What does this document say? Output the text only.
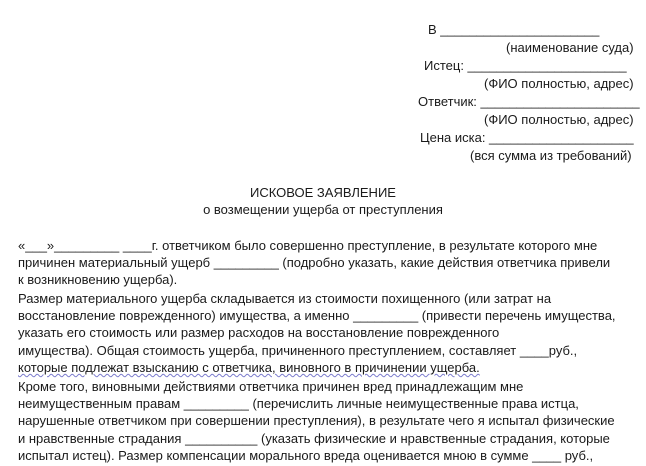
В ______________________
(наименование суда)
Истец: ______________________
(ФИО полностью, адрес)
Ответчик: ______________________
(ФИО полностью, адрес)
Цена иска: ____________________
(вся сумма из требований)
ИСКОВОЕ ЗАЯВЛЕНИЕ
о возмещении ущерба от преступления
«___»_________ ____г. ответчиком было совершенно преступление, в результате которого мне
причинен материальный ущерб _________ (подробно указать, какие действия ответчика привели
к возникновению ущерба).
Размер материального ущерба складывается из стоимости похищенного (или затрат на
восстановление поврежденного) имущества, а именно _________ (привести перечень имущества,
указать его стоимость или размер расходов на восстановление поврежденного
имущества). Общая стоимость ущерба, причиненного преступлением, составляет ____руб.,
которые подлежат взысканию с ответчика, виновного в причинении ущерба.
Кроме того, виновными действиями ответчика причинен вред принадлежащим мне
неимущественным правам _________ (перечислить личные неимущественные права истца,
нарушенные ответчиком при совершении преступления), в результате чего я испытал физические
и нравственные страдания __________ (указать физические и нравственные страдания, которые
испытал истец). Размер компенсации морального вреда оценивается мною в сумме ____ руб.,
